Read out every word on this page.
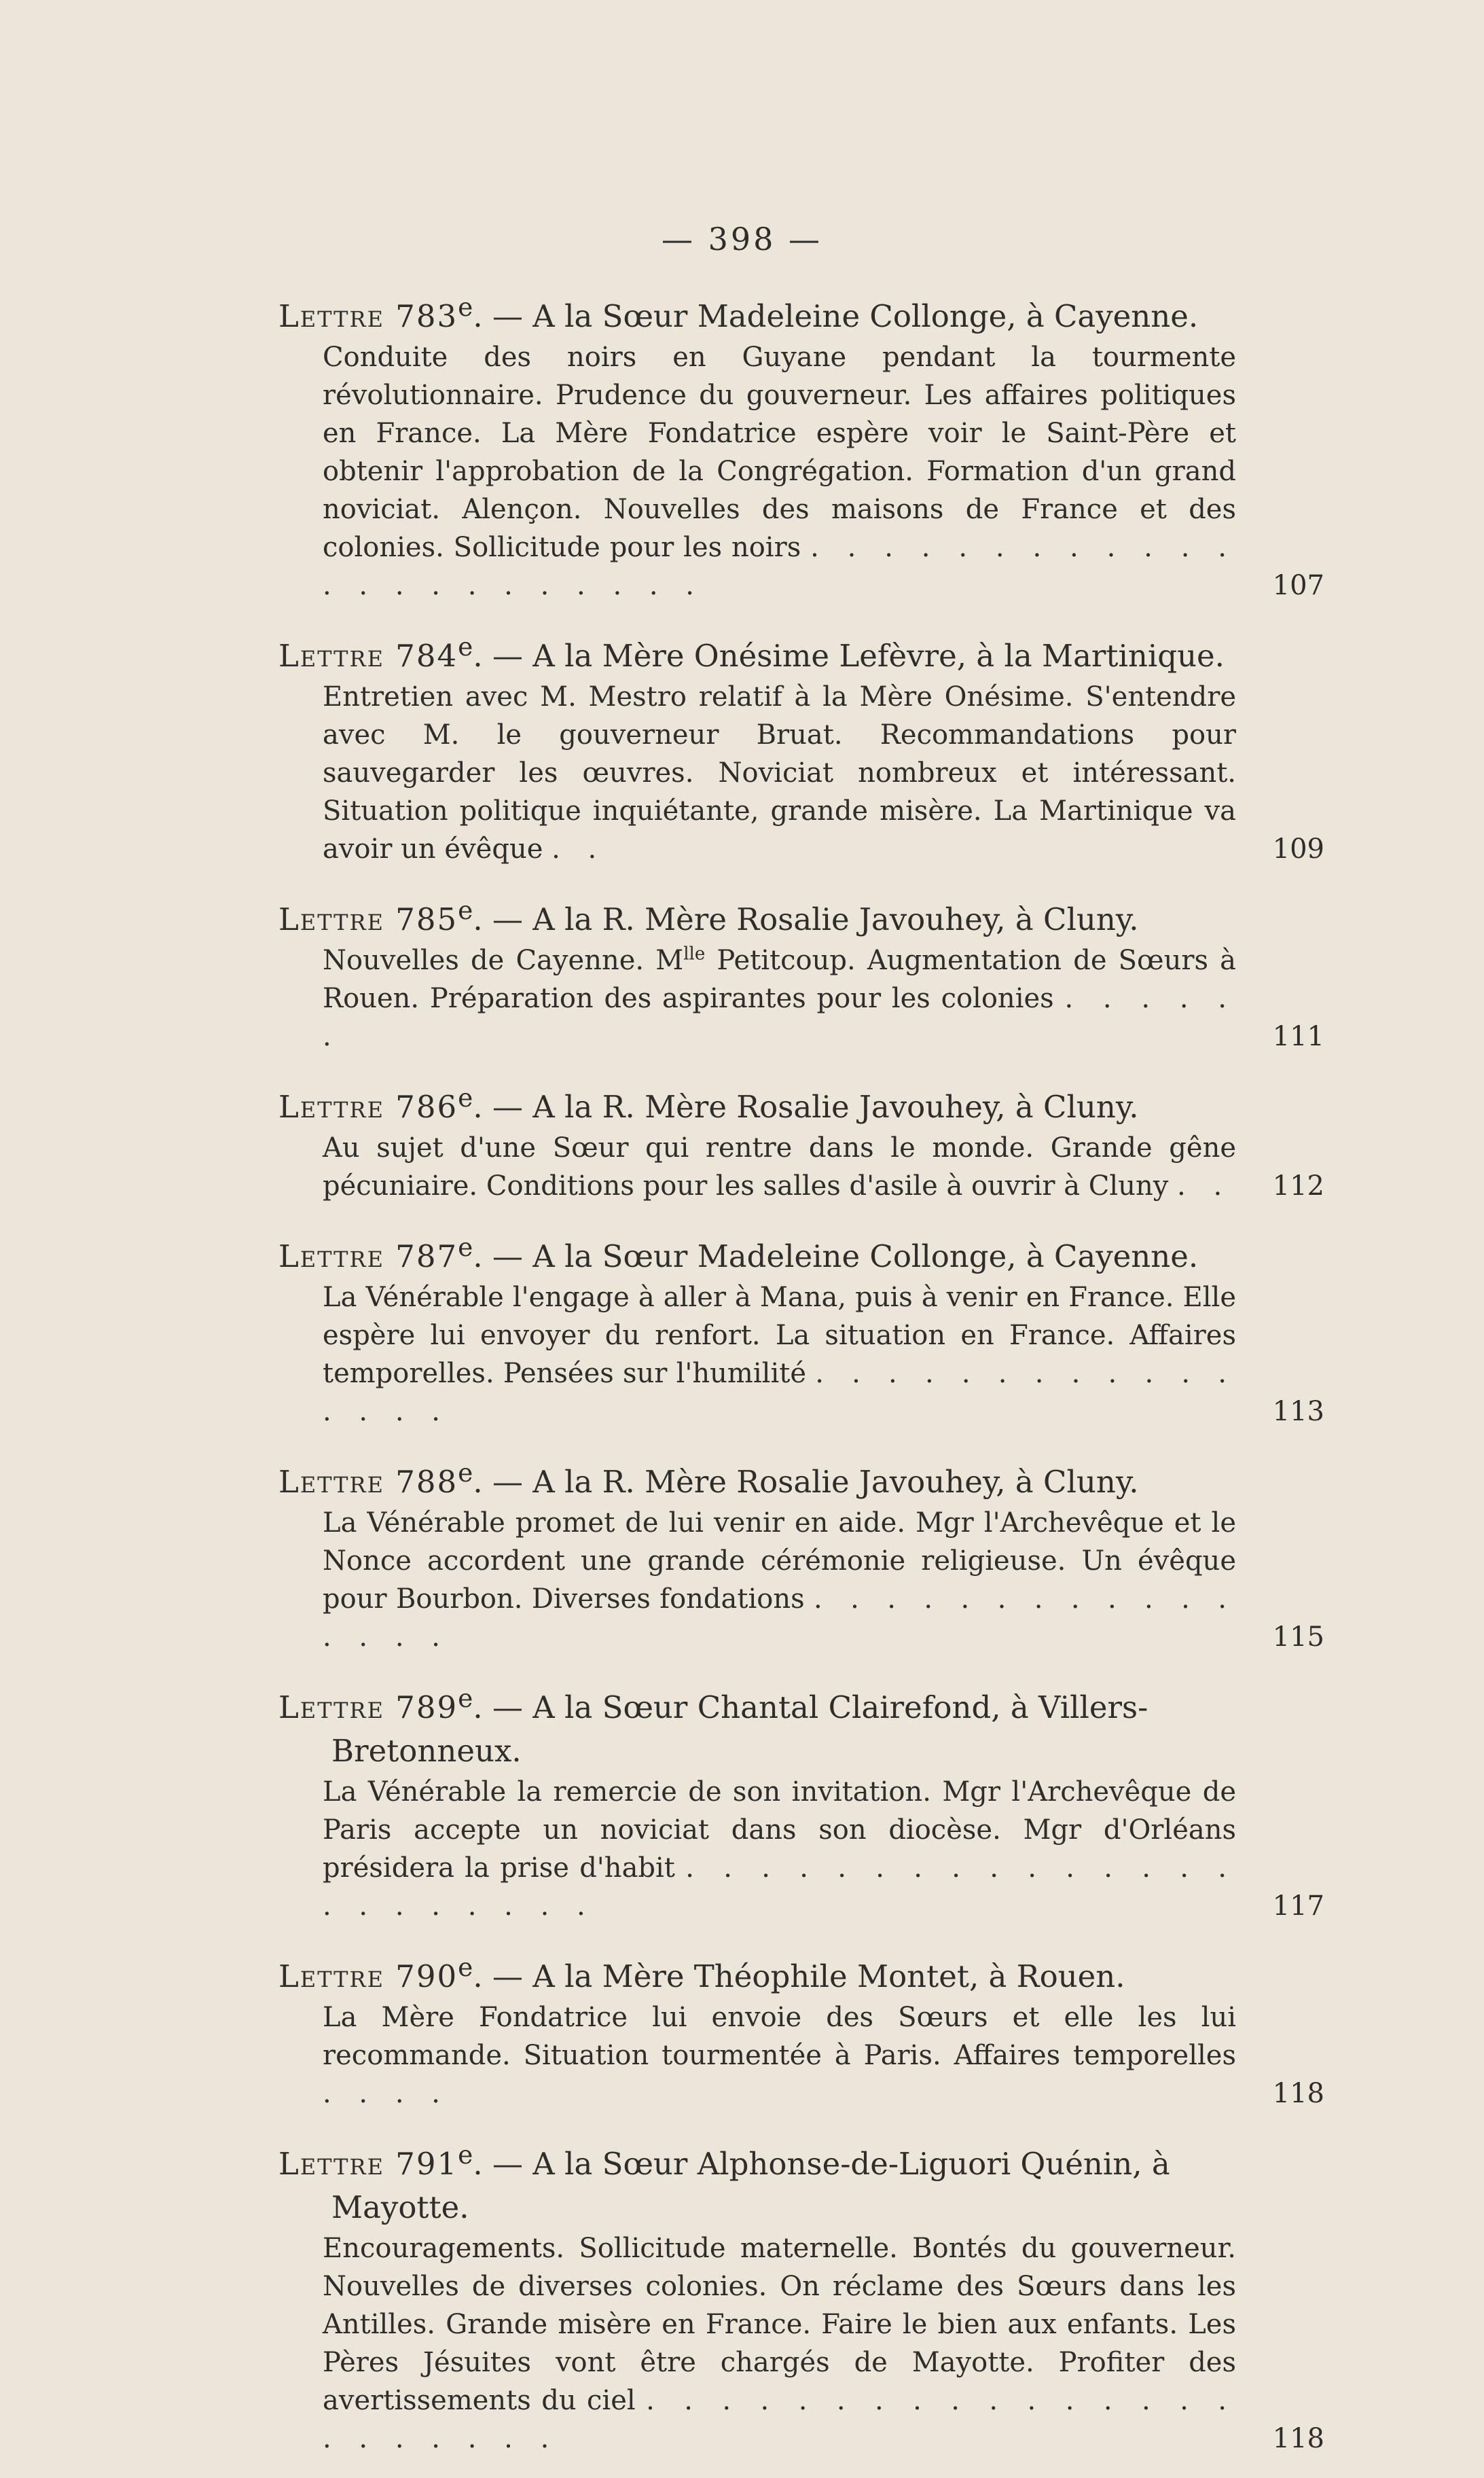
— 398 —
Lettre 783e. — A la Sœur Madeleine Collonge, à Cayenne.
Conduite des noirs en Guyane pendant la tourmente révolutionnaire. Prudence du gouverneur. Les affaires politiques en France. La Mère Fondatrice espère voir le Saint-Père et obtenir l'approbation de la Congrégation. Formation d'un grand noviciat. Alençon. Nouvelles des maisons de France et des colonies. Sollicitude pour les noirs . . . . . . . . . . . . . . . . . . . . . . .	107
Lettre 784e. — A la Mère Onésime Lefèvre, à la Martinique.
Entretien avec M. Mestro relatif à la Mère Onésime. S'entendre avec M. le gouverneur Bruat. Recommandations pour sauvegarder les œuvres. Noviciat nombreux et intéressant. Situation politique inquiétante, grande misère. La Martinique va avoir un évêque . .	109
Lettre 785e. — A la R. Mère Rosalie Javouhey, à Cluny.
Nouvelles de Cayenne. $M^{lle}$ Petitcoup. Augmentation de Sœurs à Rouen. Préparation des aspirantes pour les colonies . . . . . .	111
Lettre 786e. — A la R. Mère Rosalie Javouhey, à Cluny.
Au sujet d'une Sœur qui rentre dans le monde. Grande gêne pécuniaire. Conditions pour les salles d'asile à ouvrir à Cluny . . 112
Lettre 787e. — A la Sœur Madeleine Collonge, à Cayenne.
La Vénérable l'engage à aller à Mana, puis à venir en France. Elle espère lui envoyer du renfort. La situation en France. Affaires temporelles. Pensées sur l'humilité . . . . . . . . . . . . . . . .	113
Lettre 788e. — A la R. Mère Rosalie Javouhey, à Cluny.
La Vénérable promet de lui venir en aide. Mgr l'Archevêque et le Nonce accordent une grande cérémonie religieuse. Un évêque pour Bourbon. Diverses fondations . . . . . . . . . . . . . . . .	115
Lettre 789e. — A la Sœur Chantal Clairefond, à Villers-Bretonneux.
La Vénérable la remercie de son invitation. Mgr l'Archevêque de Paris accepte un noviciat dans son diocèse. Mgr d'Orléans présidera la prise d'habit . . . . . . . . . . . . . . . . . . . . . . .	117
Lettre 790e. — A la Mère Théophile Montet, à Rouen.
La Mère Fondatrice lui envoie des Sœurs et elle les lui recommande. Situation tourmentée à Paris. Affaires temporelles . . . .	118
Lettre 791e. — A la Sœur Alphonse-de-Liguori Quénin, à Mayotte.
Encouragements. Sollicitude maternelle. Bontés du gouverneur. Nouvelles de diverses colonies. On réclame des Sœurs dans les Antilles. Grande misère en France. Faire le bien aux enfants. Les Pères Jésuites vont être chargés de Mayotte. Profiter des avertissements du ciel . . . . . . . . . . . . . . . . . . . . . . .	118
